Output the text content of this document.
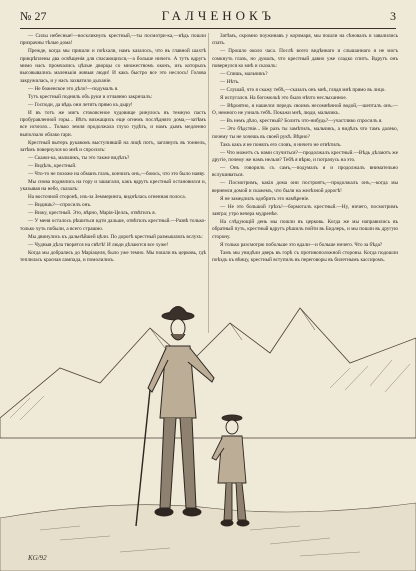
№ 27	ГАЛЧЕНОКЪ	3

— Силы небесные!—воскликнулъ крестный,—ты посмотри-ка,—вѣдь пошли призрачны тѣлые дома!

Прежде, когда мы пришли и поѣхали, намъ казалось, что въ главной шахтѣ прикрѣплены два освѣщенія для спасающихся,—а больше ничего. А тутъ вдругъ мимо насъ промчались цѣлые дворцы со множествомъ оконъ, изъ которыхъ высовывались маленькія живыя люди! И какъ быстро все это неслось! Голова закружилась, и у насъ захватило дыханіе.

— Не боженское это дѣло!—подумалъ я.

Тутъ крестный поднялъ объ руки и отчаянно закричалъ:

— Господи, да вѣдь они летятъ прямо къ дыру!

И въ тотъ же мигъ стоковсеное чудовище ринулось въ темную пасть пробуравленной горы... Вѣтъ визжащихъ еще огнемъ послѣдняго дома,—затѣмъ все исчезло... Только земля продолжала глухо гудѣть, и намъ дымъ медленно выползало облако гари.

Крестный вытеръ рукавомъ выступившій на лицѣ потъ, заглянулъ въ тоннель, затѣмъ повернулся ко мнѣ и спросилъ:

— Скажи-ка, мальчикъ, ты это также видѣлъ?

— Видѣлъ, крестный.

— Что-то не похоже на обманъ глазъ, кончилъ онъ,—боюсь, что это было наяву.

Мы снова поднялись на гору и зашагали, какъ вдругъ крестный остановился и, указывая на небо, сказалъ:

На восточной сторонѣ, изъ-за Земмеринга, виднѣлась огненная полоса.

— Видишь?—спросилъ онъ.

— Вижу, крестный. Это, вѣрно, Марія-Целль, отвѣтилъ я.

— У меня осталось рѣшиться идти дальше, отвѣтилъ крестный.—Развѣ только-только чуть побыли, а всего страшно.

Мы двинулись къ дальнѣйшей цѣли. По дорогѣ крестный размышлялъ вслухъ:

— Чудныя дѣла творятся на свѣтѣ! И люди дѣлаются все хуже!

Когда мы добрались до Маріацеля, было уже темно. Мы пошли въ церковь, гдѣ теплилась красная лампада, и помолились.

Затѣмъ, скромно поужинавъ у корчмаря, мы пошли на сѣновалъ и завалились спать.

— Прошло около часа. Послѣ всего видѣннаго и слышаннаго я не могъ сомкнуть глазъ, но думалъ, что крестный давно уже сладко спитъ. Вдругъ онъ повернулся ко мнѣ и сказалъ:

— Спишь, мальчикъ?

— Нѣтъ.

— Слушай, что я скажу тебѣ,—сказалъ онъ мнѣ, глядя мнѣ прямо въ лицо.

Я испугался. На богомольѣ это было нѣчто неслыханное.

— Вѣроятно, я нашелся передъ своимъ несомнѣнной водой,—шепталъ онъ.—О, немного не узналъ тебѣ. Покажи мнѣ, люди, мальчикъ.

— Въ немъ дѣло, крестный? Болитъ что-нибудь?—участливо спросилъ я.

— Это бѣдствіе... Не разъ ты замѣтилъ, мальчикъ, а видѣлъ что тамъ далеко, почему ты не хочешь въ своей рукѣ. Вѣрно?

Такъ какъ я не понялъ его словъ, я ничего не отвѣтилъ.

— Что можетъ съ нами случиться?—продолжалъ крестный.—Вѣдь дѣлаютъ же другіе, почему же намъ нельзя? Тебѣ я вѣрю, и потрачусь на это.

— Онъ говорилъ съ самъ,—подумалъ я и продолжалъ внимательно вслушиваться.

— Посмотримъ, какія дома они построятъ,—продолжалъ онъ,—когда мы вернемся домой и скажемъ, что были на желѣзной дорогѣ!

Я не замедлилъ одобрить это намѣреніе.

— Не это большой грѣхъ!—бормоталъ крестный.—Ну, ничего, посмотримъ завтра; утро вечера мудренѣе.

На слѣдующій день мы пошли въ церковь. Когда же мы направились въ обратный путь, крестный вдругъ рѣшилъ пойти въ Бидлеръ, и мы пошли въ другую сторону.

Я только разсмотрю побольше это вдали—и больше ничего. Что за бѣда?

Тамъ мы увидѣли дверь въ горѣ съ противоположной стороны. Когда подошли поѣздъ къ вѣнцу, крестный вступилъ въ переговоры въ билетнымъ кассиромъ.

KG/92
